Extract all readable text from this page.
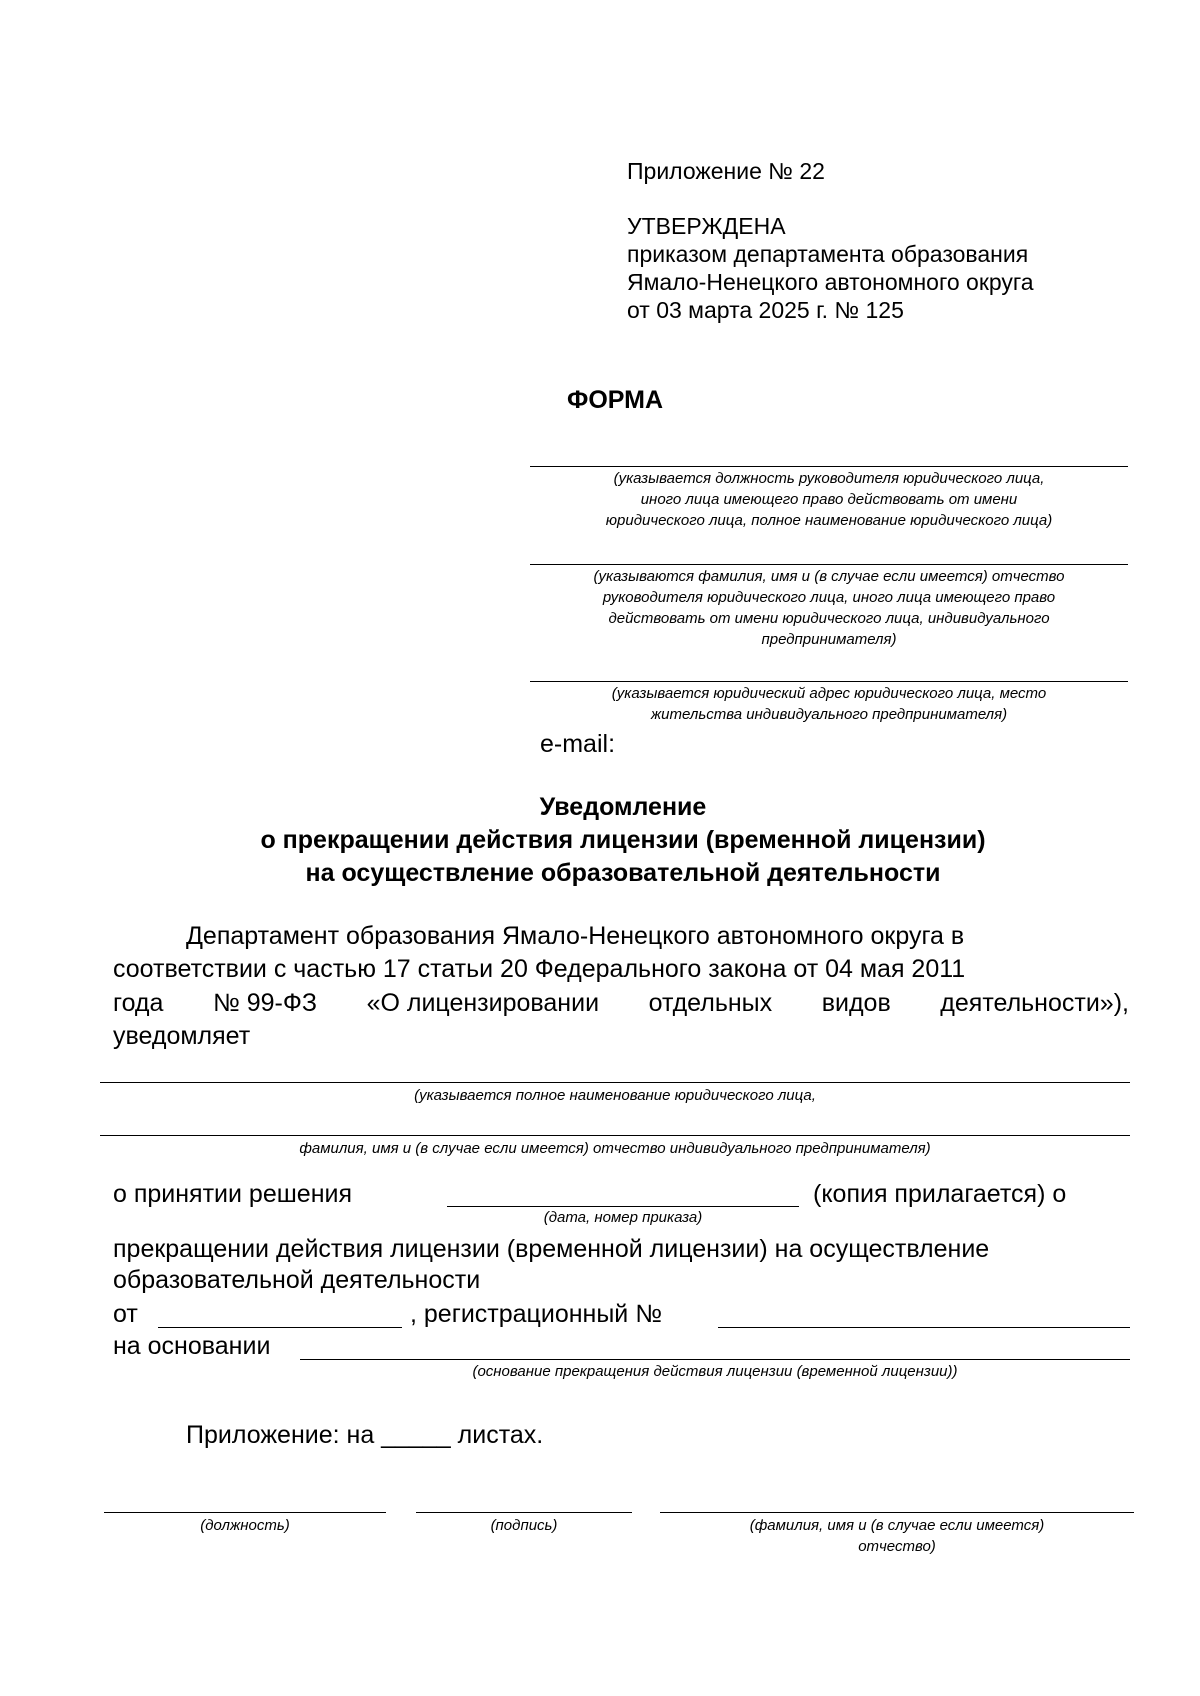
Приложение № 22
УТВЕРЖДЕНА
приказом департамента образования
Ямало-Ненецкого автономного округа
от 03 марта 2025 г. № 125
ФОРМА
(указывается должность руководителя юридического лица,
иного лица имеющего право действовать от имени
юридического лица, полное наименование юридического лица)
(указываются фамилия, имя и (в случае если имеется) отчество
руководителя юридического лица, иного лица имеющего право
действовать от имени юридического лица, индивидуального
предпринимателя)
(указывается юридический адрес юридического лица, место
жительства индивидуального предпринимателя)
e-mail:
Уведомление
о прекращении действия лицензии (временной лицензии)
на осуществление образовательной деятельности
Департамент образования Ямало-Ненецкого автономного округа в
соответствии с частью 17 статьи 20 Федерального закона от 04 мая 2011
года № 99-ФЗ «О лицензировании отдельных видов деятельности»),
уведомляет
(указывается полное наименование юридического лица,
фамилия, имя и (в случае если имеется) отчество индивидуального предпринимателя)
о принятии решения	(копия прилагается) о
(дата, номер приказа)
прекращении действия лицензии (временной лицензии) на осуществление
образовательной деятельности
от	, регистрационный №
на основании
(основание прекращения действия лицензии (временной лицензии))
Приложение: на _____ листах.
(должность)	(подпись)	(фамилия, имя и (в случае если имеется)
отчество)
